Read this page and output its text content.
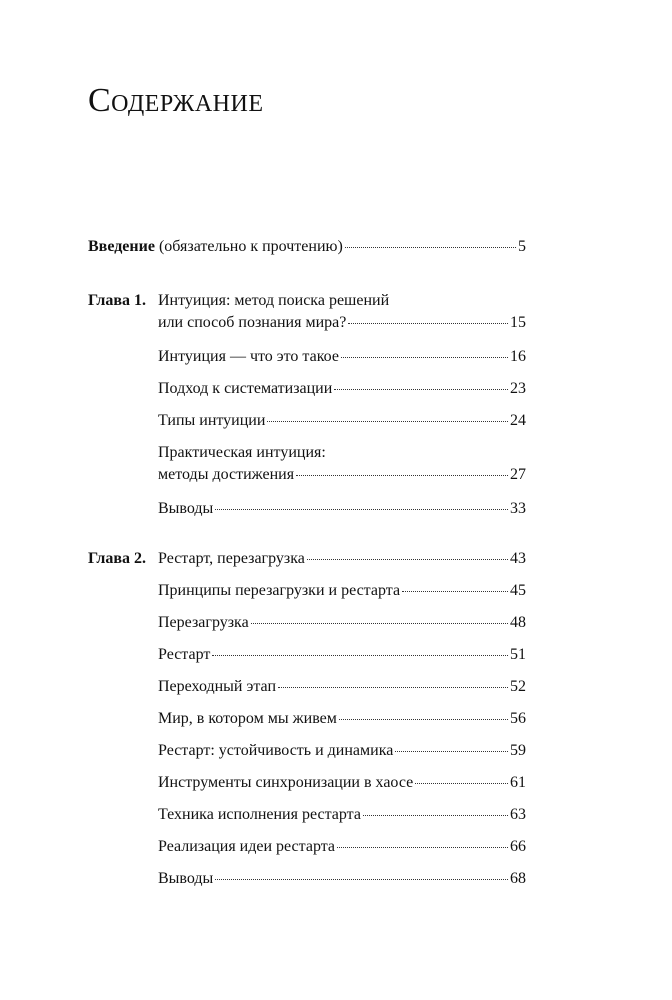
Содержание
Введение (обязательно к прочтению)	5
Глава 1. Интуиция: метод поиска решений
или способ познания мира?	15
Интуиция — что это такое	16
Подход к систематизации	23
Типы интуиции	24
Практическая интуиция:
методы достижения	27
Выводы	33
Глава 2. Рестарт, перезагрузка	43
Принципы перезагрузки и рестарта	45
Перезагрузка	48
Рестарт	51
Переходный этап	52
Мир, в котором мы живем	56
Рестарт: устойчивость и динамика	59
Инструменты синхронизации в хаосе	61
Техника исполнения рестарта	63
Реализация идеи рестарта	66
Выводы	68
